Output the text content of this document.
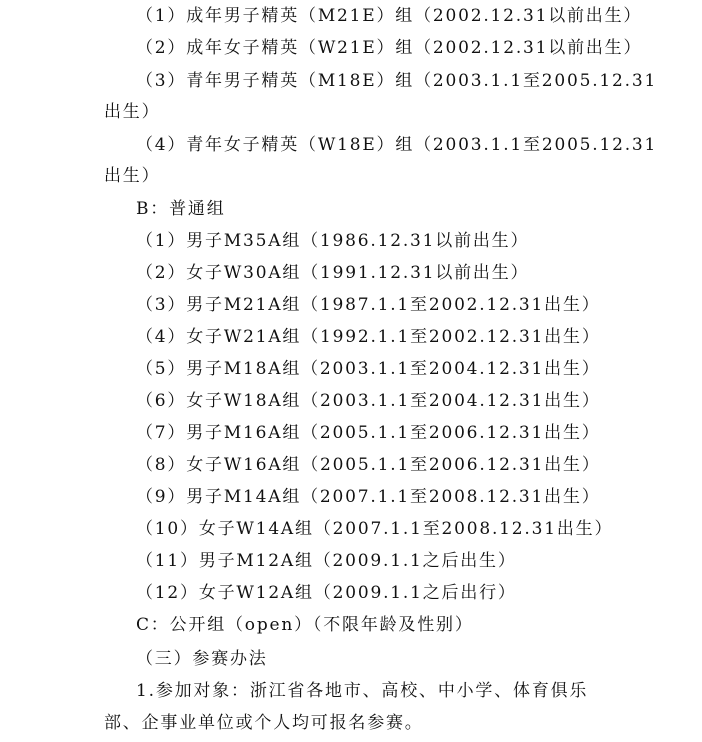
（1）成年男子精英（M21E）组（2002.12.31以前出生）
（2）成年女子精英（W21E）组（2002.12.31以前出生）
（3）青年男子精英（M18E）组（2003.1.1至2005.12.31
出生）
（4）青年女子精英（W18E）组（2003.1.1至2005.12.31
出生）
B：普通组
（1）男子M35A组（1986.12.31以前出生）
（2）女子W30A组（1991.12.31以前出生）
（3）男子M21A组（1987.1.1至2002.12.31出生）
（4）女子W21A组（1992.1.1至2002.12.31出生）
（5）男子M18A组（2003.1.1至2004.12.31出生）
（6）女子W18A组（2003.1.1至2004.12.31出生）
（7）男子M16A组（2005.1.1至2006.12.31出生）
（8）女子W16A组（2005.1.1至2006.12.31出生）
（9）男子M14A组（2007.1.1至2008.12.31出生）
（10）女子W14A组（2007.1.1至2008.12.31出生）
（11）男子M12A组（2009.1.1之后出生）
（12）女子W12A组（2009.1.1之后出行）
C：公开组（open）（不限年龄及性别）
（三）参赛办法
1.参加对象：浙江省各地市、高校、中小学、体育俱乐
部、企事业单位或个人均可报名参赛。
